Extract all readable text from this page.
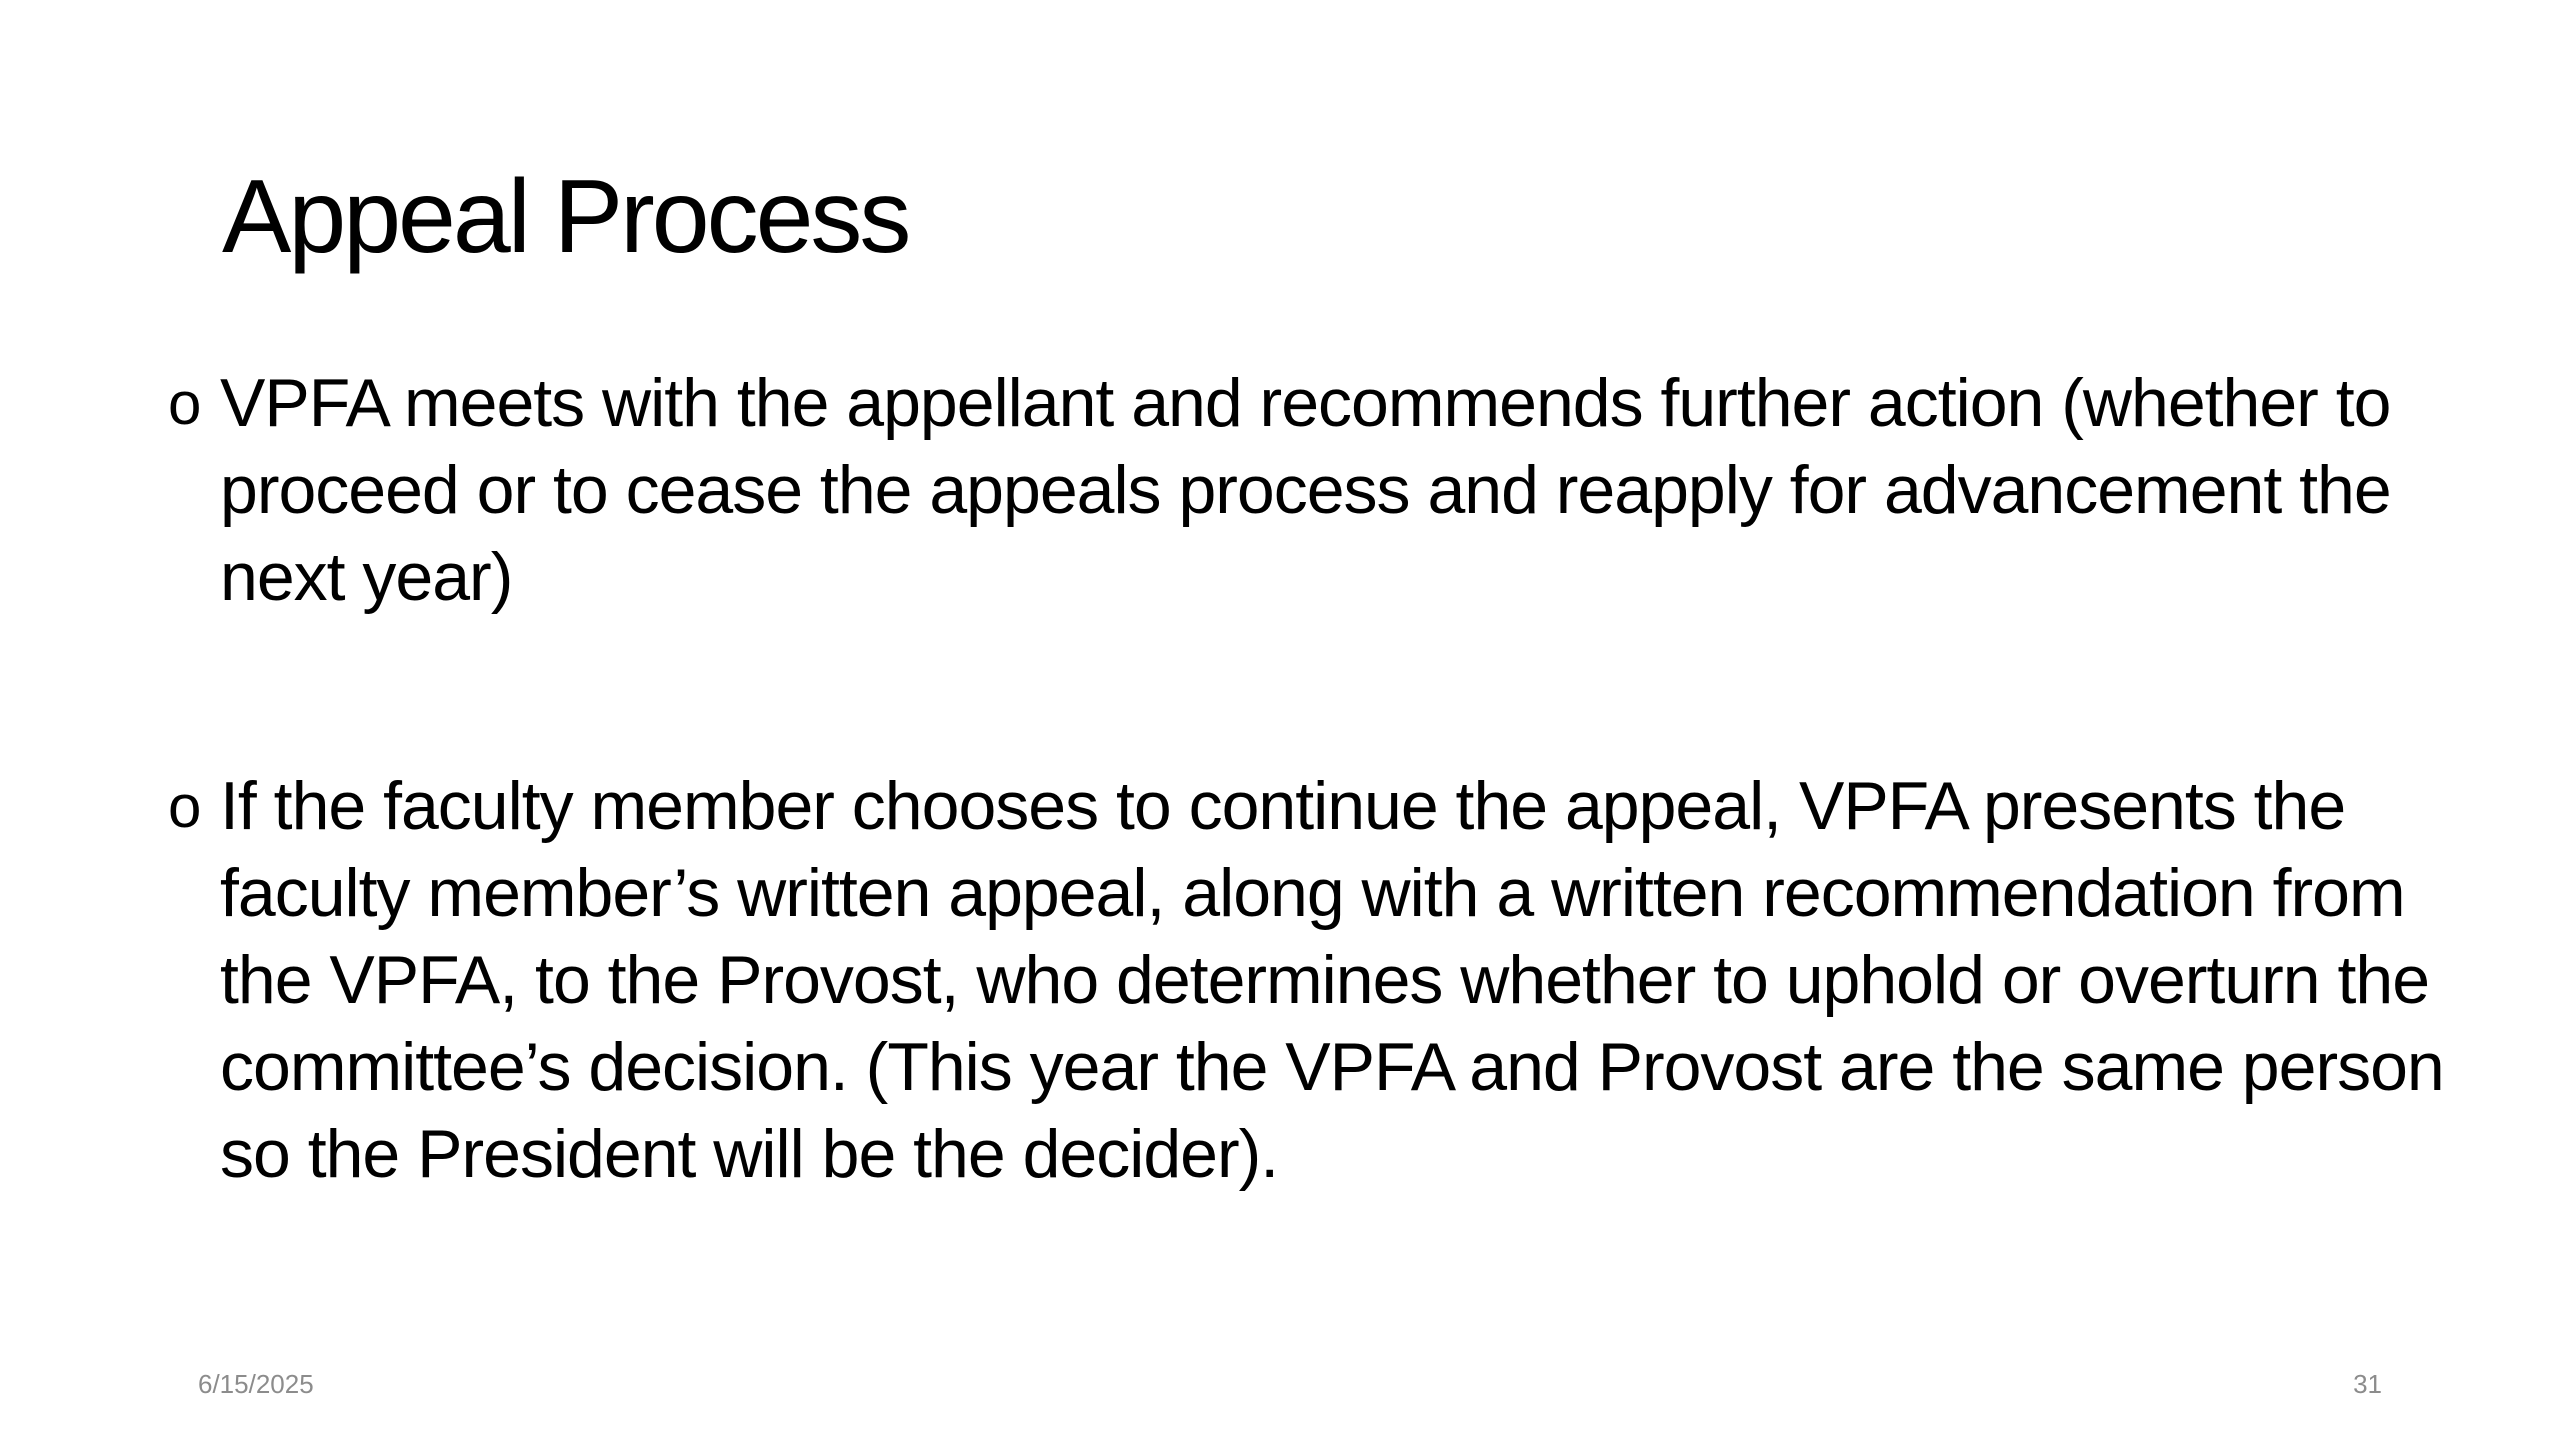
Appeal Process
o VPFA meets with the appellant and recommends further action (whether to proceed or to cease the appeals process and reapply for advancement the next year)
o If the faculty member chooses to continue the appeal, VPFA presents the faculty member’s written appeal, along with a written recommendation from the VPFA, to the Provost, who determines whether to uphold or overturn the committee’s decision. (This year the VPFA and Provost are the same person so the President will be the decider).
6/15/2025	31
